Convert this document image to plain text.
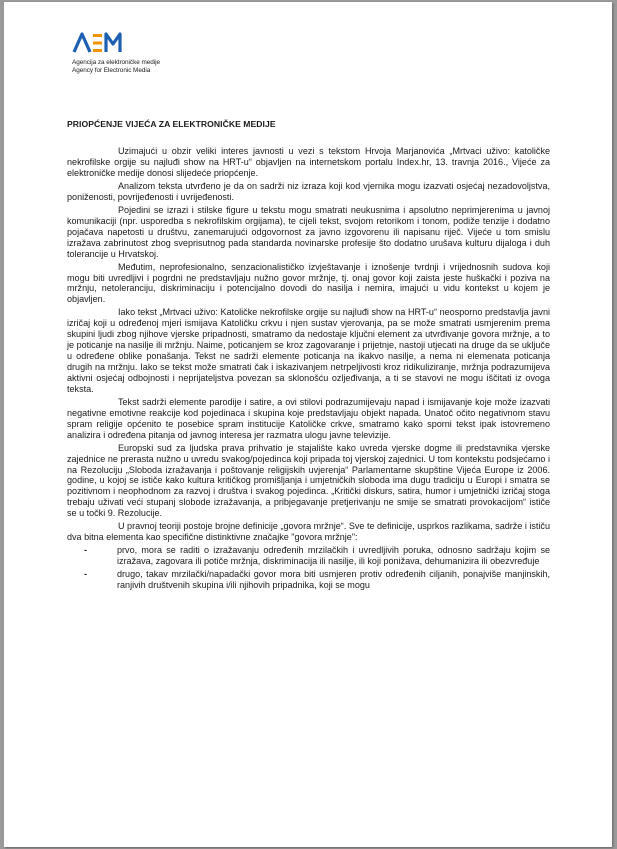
Agencija za elektroničke medije
Agency for Electronic Media
PRIOPĆENJE VIJEĆA ZA ELEKTRONIČKE MEDIJE

Uzimajući u obzir veliki interes javnosti u vezi s tekstom Hrvoja Marjanovića „Mrtvaci uživo: katoličke nekrofilske orgije su najluđi show na HRT-u“ objavljen na internetskom portalu Index.hr, 13. travnja 2016., Vijeće za elektroničke medije donosi slijedeće priopćenje.

Analizom teksta utvrđeno je da on sadrži niz izraza koji kod vjernika mogu izazvati osjećaj nezadovoljstva, poniženosti, povrijeđenosti i uvrijeđenosti.

Pojedini se izrazi i stilske figure u tekstu mogu smatrati neukusnima i apsolutno neprimjerenima u javnoj komunikaciji (npr. usporedba s nekrofilskim orgijama), te cijeli tekst, svojom retorikom i tonom, podiže tenzije i dodatno pojačava napetosti u društvu, zanemarujući odgovornost za javno izgovorenu ili napisanu riječ. Vijeće u tom smislu izražava zabrinutost zbog sveprisutnog pada standarda novinarske profesije što dodatno urušava kulturu dijaloga i duh tolerancije u Hrvatskoj.

Međutim, neprofesionalno, senzacionalističko izvještavanje i iznošenje tvrdnji i vrijednosnih sudova koji mogu biti uvredljivi i pogrdni ne predstavljaju nužno govor mržnje, tj. onaj govor koji zaista jeste huškački i poziva na mržnju, netoleranciju, diskriminaciju i potencijalno dovodi do nasilja i nemira, imajući u vidu kontekst u kojem je objavljen.

Iako tekst „Mrtvaci uživo: Katoličke nekrofilske orgije su najluđi show na HRT-u“ neosporno predstavlja javni izričaj koji u određenoj mjeri ismijava Katoličku crkvu i njen sustav vjerovanja, pa se može smatrati usmjerenim prema skupini ljudi zbog njihove vjerske pripadnosti, smatramo da nedostaje ključni element za utvrđivanje govora mržnje, a to je poticanje na nasilje ili mržnju. Naime, poticanjem se kroz zagovaranje i prijetnje, nastoji utjecati na druge da se uključe u određene oblike ponašanja. Tekst ne sadrži elemente poticanja na ikakvo nasilje, a nema ni elemenata poticanja drugih na mržnju. Iako se tekst može smatrati čak i iskazivanjem netrpeljivosti kroz ridikuliziranje, mržnja podrazumijeva aktivni osjećaj odbojnosti i neprijateljstva povezan sa sklonošću ozljeđivanja, a ti se stavovi ne mogu iščitati iz ovoga teksta.

Tekst sadrži elemente parodije i satire, a ovi stilovi podrazumijevaju napad i ismijavanje koje može izazvati negativne emotivne reakcije kod pojedinaca i skupina koje predstavljaju objekt napada. Unatoč očito negativnom stavu spram religije općenito te posebice spram institucije Katoličke crkve, smatramo kako sporni tekst ipak istovremeno analizira i određena pitanja od javnog interesa jer razmatra ulogu javne televizije.

Europski sud za ljudska prava prihvatio je stajalište kako uvreda vjerske dogme ili predstavnika vjerske zajednice ne prerasta nužno u uvredu svakog/pojedinca koji pripada toj vjerskoj zajednici. U tom kontekstu podsjećamo i na Rezoluciju „Sloboda izražavanja i poštovanje religijskih uvjerenja“ Parlamentarne skupštine Vijeća Europe iz 2006. godine, u kojoj se ističe kako kultura kritičkog promišljanja i umjetničkih sloboda ima dugu tradiciju u Europi i smatra se pozitivnom i neophodnom za razvoj i društva i svakog pojedinca. „Kritički diskurs, satira, humor i umjetnički izričaj stoga trebaju uživati veći stupanj slobode izražavanja, a pribjegavanje pretjerivanju ne smije se smatrati provokacijom“ ističe se u točki 9. Rezolucije.

U pravnoj teoriji postoje brojne definicije „govora mržnje“. Sve te definicije, usprkos razlikama, sadrže i ističu dva bitna elementa kao specifične distinktivne značajke "govora mržnje":

-	prvo, mora se raditi o izražavanju određenih mrzilačkih i uvredljivih poruka, odnosno sadržaju kojim se izražava, zagovara ili potiče mržnja, diskriminacija ili nasilje, ili koji ponižava, dehumanizira ili obezvređuje
-	drugo, takav mrzilački/napadački govor mora biti usmjeren protiv određenih ciljanih, ponajviše manjinskih, ranjivih društvenih skupina i/ili njihovih pripadnika, koji se mogu
